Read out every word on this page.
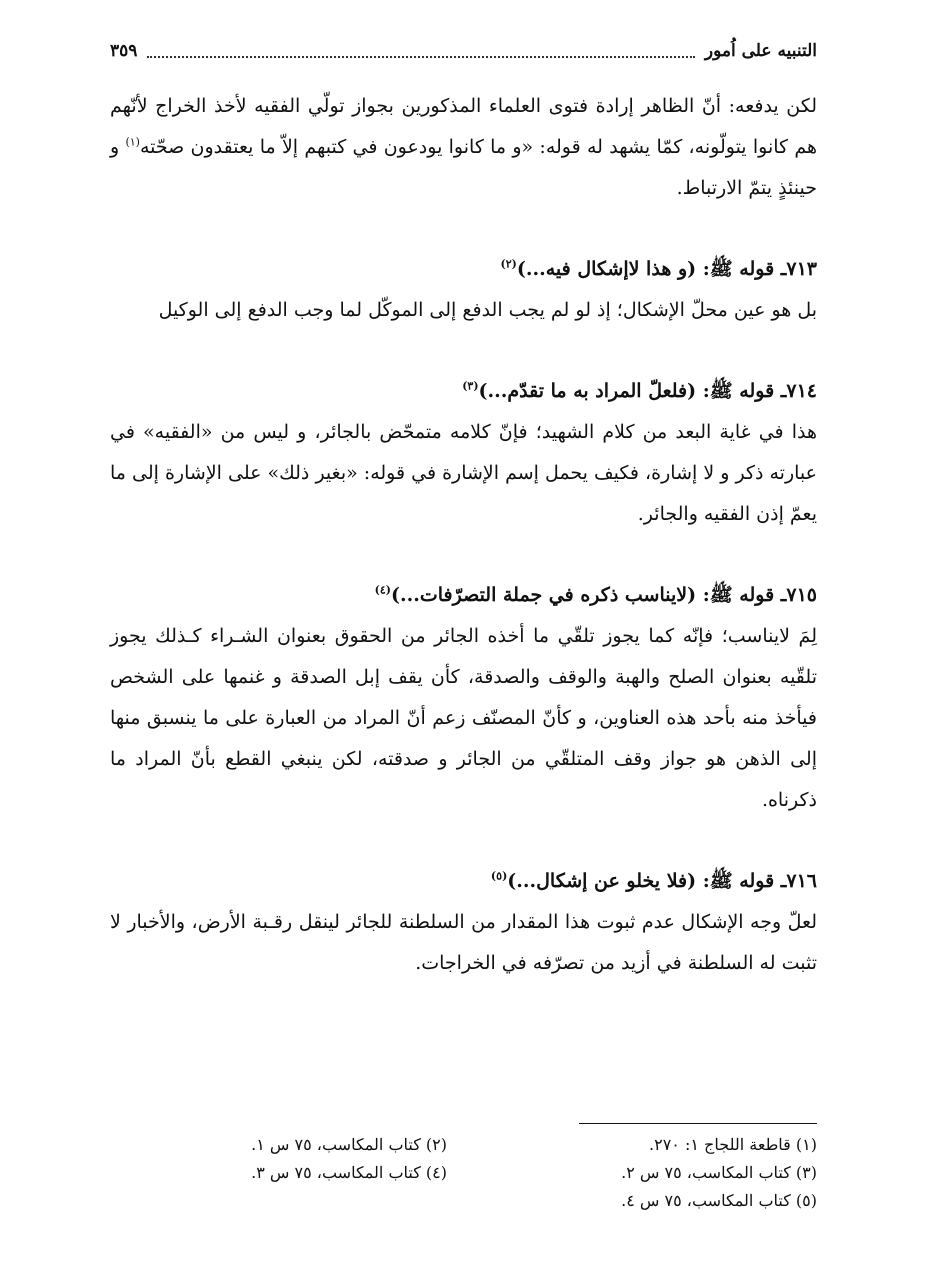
التنبيه على اُمور
٣٥٩

لكن يدفعه: أنّ الظاهر إرادة فتوى العلماء المذكورين بجواز تولّي الفقيه لأخذ الخراج لأنّهم هم كانوا يتولّونه، كمّا يشهد له قوله: «و ما كانوا يودعون في كتبهم إلاّ ما يعتقدون صحّته$^{(١)}$ و حينئذٍ يتمّ الارتباط.

٧١٣ـ قوله ﷺ: (و هذا لاإشكال فيه...)$^{(٢)}$

بل هو عين محلّ الإشكال؛ إذ لو لم يجب الدفع إلى الموكّل لما وجب الدفع إلى الوكيل

٧١٤ـ قوله ﷺ: (فلعلّ المراد به ما تقدّم...)$^{(٣)}$

هذا في غاية البعد من كلام الشهيد؛ فإنّ كلامه متمحّض بالجائر، و ليس من «الفقيه» في عبارته ذكر و لا إشارة، فكيف يحمل إسم الإشارة في قوله: «بغير ذلك» على الإشارة إلى ما يعمّ إذن الفقيه والجائر.

٧١٥ـ قوله ﷺ: (لايناسب ذكره في جملة التصرّفات...)$^{(٤)}$

لِمَ لايناسب؛ فإنّه كما يجوز تلقّي ما أخذه الجائر من الحقوق بعنوان الشـراء كـذلك يجوز تلقّيه بعنوان الصلح والهبة والوقف والصدقة، كأن يقف إبل الصدقة و غنمها على الشخص فيأخذ منه بأحد هذه العناوين، و كأنّ المصنّف زعم أنّ المراد من العبارة على ما ينسبق منها إلى الذهن هو جواز وقف المتلقّي من الجائر و صدقته، لكن ينبغي القطع بأنّ المراد ما ذكرناه.

٧١٦ـ قوله ﷺ: (فلا يخلو عن إشكال...)$^{(٥)}$

لعلّ وجه الإشكال عدم ثبوت هذا المقدار من السلطنة للجائر لينقل رقـبة الأرض، والأخبار لا تثبت له السلطنة في أزيد من تصرّفه في الخراجات.

(١) قاطعة اللجاج ١: ٢٧٠.
(٢) كتاب المكاسب، ٧٥ س ١.
(٣) كتاب المكاسب، ٧٥ س ٢.
(٤) كتاب المكاسب، ٧٥ س ٣.
(٥) كتاب المكاسب، ٧٥ س ٤.
